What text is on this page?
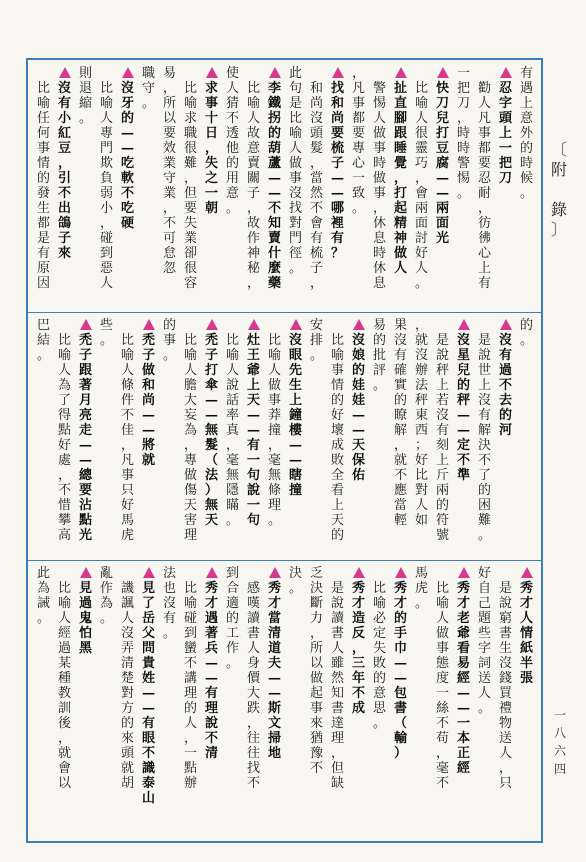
有
遇
上
意
外
的
時
候
。
忍
字
頭
上
一
把
刀
勸
人
凡
事
都
要
忍
耐
，
彷
彿
心
上
有
一
把
刀
，
時
時
警
惕
。
快
刀
兒
打
豆
腐
—
—
兩
面
光
比
喻
人
很
靈
巧
，
會
兩
面
討
好
人
。
扯
直
腳
跟
睡
覺
，
打
起
精
神
做
人
警
惕
人
做
事
時
做
事
，
休
息
時
休
息
，
凡
事
都
要
專
心
一
致
。
找
和
尚
要
梳
子
—
—
哪
裡
有
？
和
尚
沒
頭
髮
，
當
然
不
會
有
梳
子
，
此
句
是
比
喻
人
做
事
沒
找
對
門
徑
。
李
鐵
拐
的
葫
蘆
—
—
不
知
賣
什
麼
藥
比
喻
人
故
意
賣
關
子
，
故
作
神
秘
，
使
人
猜
不
透
他
的
用
意
。
求
事
十
日
，
失
之
一
朝
比
喻
求
職
很
難
，
但
要
失
業
卻
很
容
易
，
所
以
要
效
業
守
業
，
不
可
怠
忽
職
守
。
沒
牙
的
—
—
吃
軟
不
吃
硬
比
喻
人
專
門
欺
負
弱
小
，
碰
到
惡
人
則
退
縮
。
沒
有
小
紅
豆
，
引
不
出
鴿
子
來
比
喻
任
何
事
情
的
發
生
都
是
有
原
因
的
。
沒
有
過
不
去
的
河
是
說
世
上
沒
有
解
決
不
了
的
困
難
。
沒
星
兒
的
秤
—
—
定
不
準
是
說
秤
上
若
沒
有
刻
上
斤
兩
的
符
號
，
就
沒
辦
法
秤
東
西
；
好
比
對
人
如
果
沒
有
確
實
的
瞭
解
，
就
不
應
當
輕
易
的
批
評
。
沒
娘
的
娃
娃
—
—
天
保
佑
比
喻
事
情
的
好
壞
成
敗
全
看
上
天
的
安
排
。
沒
眼
先
生
上
鐘
樓
—
—
瞎
撞
比
喻
人
做
事
莽
撞
，
毫
無
條
理
。
灶
王
爺
上
天
—
—
有
一
句
說
一
句
比
喻
人
說
話
率
真
，
毫
無
隱
瞞
。
禿
子
打
傘
—
—
無
髮
（
法
）
無
天
比
喻
人
膽
大
妄
為
，
專
做
傷
天
害
理
的
事
。
禿
子
做
和
尚
—
—
將
就
比
喻
人
條
件
不
佳
，
凡
事
只
好
馬
虎
些
。
禿
子
跟
著
月
亮
走
—
—
總
要
沾
點
光
比
喻
人
為
了
得
點
好
處
，
不
惜
攀
高
巴
結
。
秀
才
人
情
紙
半
張
是
說
窮
書
生
沒
錢
買
禮
物
送
人
，
只
好
自
己
題
些
字
詞
送
人
。
秀
才
老
爺
看
易
經
—
—
一
本
正
經
比
喻
人
做
事
態
度
一
絲
不
苟
，
毫
不
馬
虎
。
秀
才
的
手
巾
—
—
包
書
（
輸
）
比
喻
必
定
失
敗
的
意
思
。
秀
才
造
反
，
三
年
不
成
是
說
讀
書
人
雖
然
知
書
達
理
，
但
缺
乏
決
斷
力
，
所
以
做
起
事
來
猶
豫
不
決
。
秀
才
當
清
道
夫
—
—
斯
文
掃
地
感
嘆
讀
書
人
身
價
大
跌
，
往
往
找
不
到
合
適
的
工
作
。
秀
才
遇
著
兵
—
—
有
理
說
不
清
比
喻
碰
到
蠻
不
講
理
的
人
，
一
點
辦
法
也
沒
有
。
見
了
岳
父
問
貴
姓
—
—
有
眼
不
識
泰
山
譏
諷
人
沒
弄
清
楚
對
方
的
來
頭
就
胡
亂
作
為
。
見
過
鬼
怕
黑
比
喻
人
經
過
某
種
教
訓
後
，
就
會
以
此
為
誡
。
〔
附

錄
〕
一
八
六
四
